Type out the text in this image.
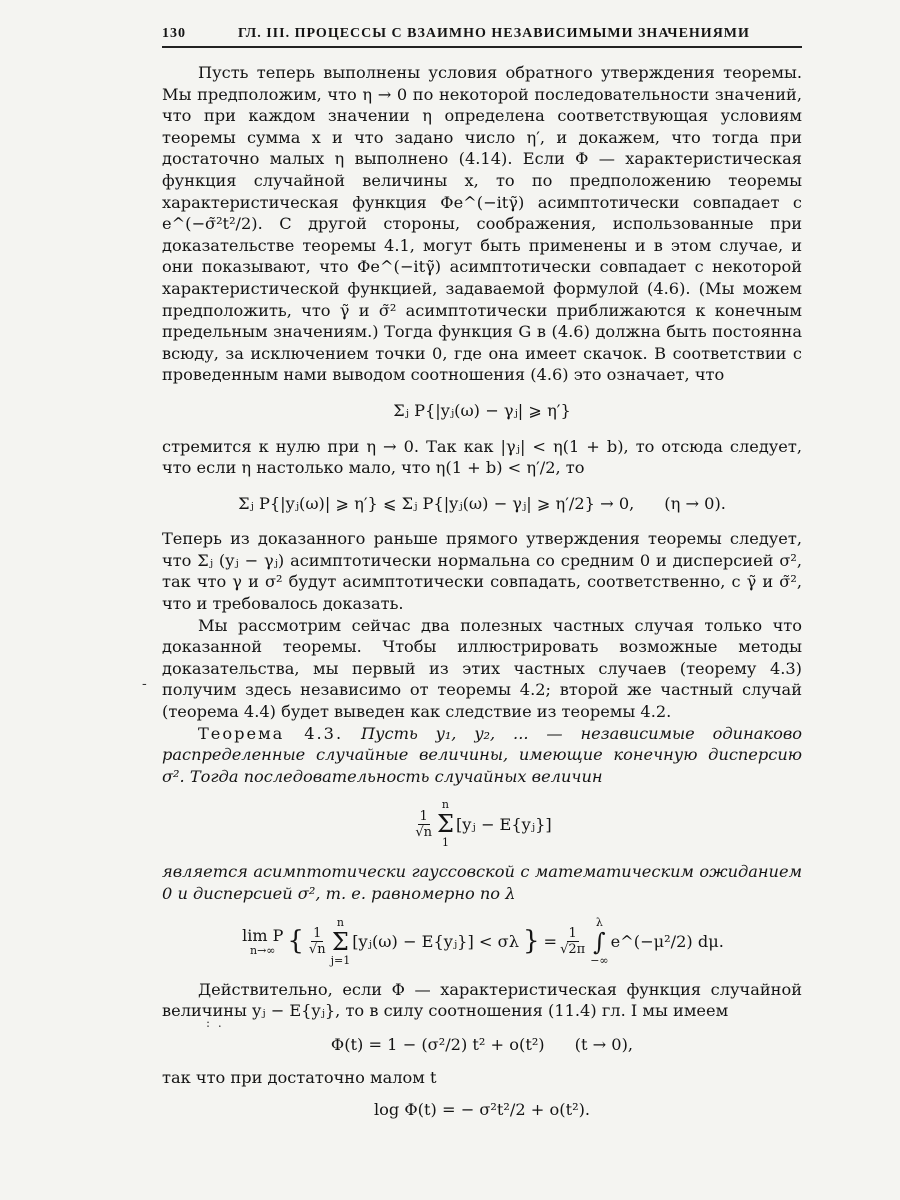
130	ГЛ. III. ПРОЦЕССЫ С ВЗАИМНО НЕЗАВИСИМЫМИ ЗНАЧЕНИЯМИ

Пусть теперь выполнены условия обратного утверждения теоремы. Мы предположим, что η → 0 по некоторой последовательности значений, что при каждом значении η определена соответствующая условиям теоремы сумма x и что задано число η′, и докажем, что тогда при достаточно малых η выполнено (4.14). Если Φ — характеристическая функция случайной величины x, то по предположению теоремы характеристическая функция Φe^(−itγ̃) асимптотически совпадает с e^(−σ̃²t²/2). С другой стороны, соображения, использованные при доказательстве теоремы 4.1, могут быть применены и в этом случае, и они показывают, что Φe^(−itγ̃) асимптотически совпадает с некоторой характеристической функцией, задаваемой формулой (4.6). (Мы можем предположить, что γ̃ и σ̃² асимптотически приближаются к конечным предельным значениям.) Тогда функция G в (4.6) должна быть постоянна всюду, за исключением точки 0, где она имеет скачок. В соответствии с проведенным нами выводом соотношения (4.6) это означает, что

Σⱼ P{|yⱼ(ω) − γⱼ| ⩾ η′}

стремится к нулю при η → 0. Так как |γⱼ| < η(1 + b), то отсюда следует, что если η настолько мало, что η(1 + b) < η′/2, то

Σⱼ P{|yⱼ(ω)| ⩾ η′} ⩽ Σⱼ P{|yⱼ(ω) − γⱼ| ⩾ η′/2} → 0, (η → 0).

Теперь из доказанного раньше прямого утверждения теоремы следует, что Σⱼ (yⱼ − γⱼ) асимптотически нормальна со средним 0 и дисперсией σ², так что γ и σ² будут асимптотически совпадать, соответственно, с γ̃ и σ̃², что и требовалось доказать.

Мы рассмотрим сейчас два полезных частных случая только что доказанной теоремы. Чтобы иллюстрировать возможные методы доказательства, мы первый из этих частных случаев (теорему 4.3) получим здесь независимо от теоремы 4.2; второй же частный случай (теорема 4.4) будет выведен как следствие из теоремы 4.2.

Теорема 4.3. Пусть y₁, y₂, ... — независимые одинаково распределенные случайные величины, имеющие конечную дисперсию σ². Тогда последовательность случайных величин

$\frac{1}{√n}$
n
Σ
1
[yⱼ − E{yⱼ}]

является асимптотически гауссовской с математическим ожиданием 0 и дисперсией σ², т. е. равномерно по λ

lim P
n→∞ { $\frac{1}{√n}$
n
Σ
j=1
[yⱼ(ω) − E{yⱼ}] < σλ } = $\frac{1}{√2\pi}$
λ
∫
−∞
e^(−μ²/2) dμ.

Действительно, если Φ — характеристическая функция случайной величины yⱼ − E{yⱼ}, то в силу соотношения (11.4) гл. I мы имеем

Φ(t) = 1 − (σ²/2) t² + o(t²) (t → 0),

так что при достаточно малом t

log Φ(t) = − σ²t²/2 + o(t²).

-
: .
